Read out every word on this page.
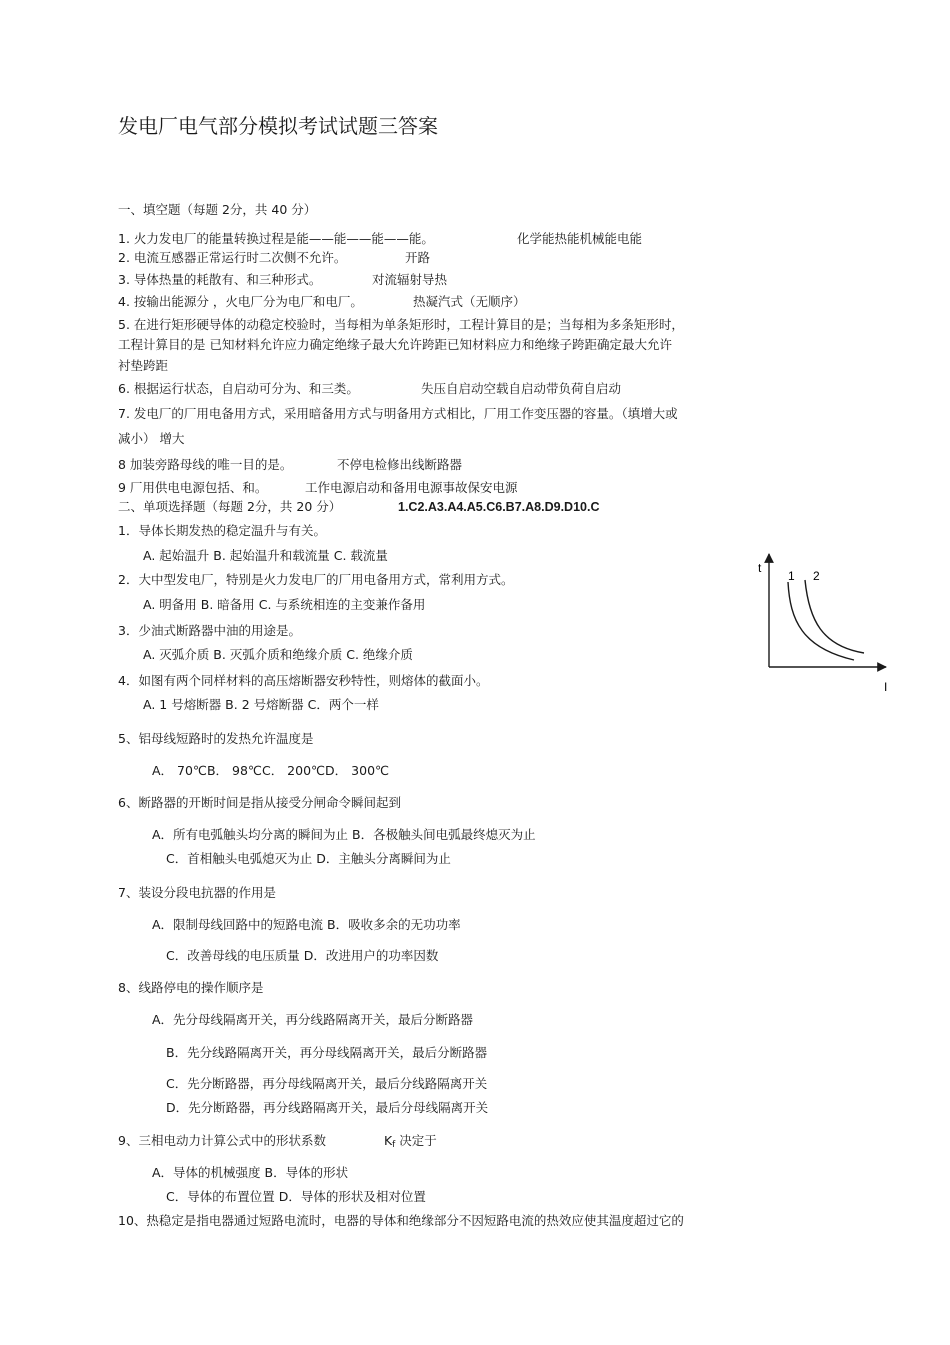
发电厂电气部分模拟考试试题三答案
一、填空题（每题 2分，共 40 分）
1. 火力发电厂的能量转换过程是能——能——能——能。	化学能热能机械能电能
2. 电流互感器正常运行时二次侧不允许。	开路
3. 导体热量的耗散有、和三种形式。	对流辐射导热
4. 按输出能源分 ，火电厂分为电厂和电厂。	热凝汽式（无顺序）
5. 在进行矩形硬导体的动稳定校验时，当每相为单条矩形时，工程计算目的是；当每相为多条矩形时，
工程计算目的是 已知材料允许应力确定绝缘子最大允许跨距已知材料应力和绝缘子跨距确定最大允许
衬垫跨距
6. 根据运行状态，自启动可分为、和三类。	失压自启动空载自启动带负荷自启动
7. 发电厂的厂用电备用方式，采用暗备用方式与明备用方式相比，厂用工作变压器的容量。（填增大或
减小） 增大
8 加装旁路母线的唯一目的是。	不停电检修出线断路器
9 厂用供电电源包括、和。	工作电源启动和备用电源事故保安电源
二、单项选择题（每题 2分，共 20 分）	1.C2.A3.A4.A5.C6.B7.A8.D9.D10.C
1．导体长期发热的稳定温升与有关。
A. 起始温升 B. 起始温升和载流量 C. 载流量
2．大中型发电厂，特别是火力发电厂的厂用电备用方式，常利用方式。
A. 明备用 B. 暗备用 C. 与系统相连的主变兼作备用
3．少油式断路器中油的用途是。
A. 灭弧介质 B. 灭弧介质和绝缘介质 C. 绝缘介质
4．如图有两个同样材料的高压熔断器安秒特性，则熔体的截面小。
A. 1 号熔断器 B. 2 号熔断器 C．两个一样
5、铝母线短路时的发热允许温度是
A． 70℃B． 98℃C． 200℃D． 300℃
6、断路器的开断时间是指从接受分闸命令瞬间起到
A．所有电弧触头均分离的瞬间为止 B．各极触头间电弧最终熄灭为止
C．首相触头电弧熄灭为止 D．主触头分离瞬间为止
7、装设分段电抗器的作用是
A．限制母线回路中的短路电流 B．吸收多余的无功功率
C．改善母线的电压质量 D．改进用户的功率因数
8、线路停电的操作顺序是
A．先分母线隔离开关，再分线路隔离开关，最后分断路器
B．先分线路隔离开关，再分母线隔离开关，最后分断路器
C．先分断路器，再分母线隔离开关，最后分线路隔离开关
D．先分断路器，再分线路隔离开关，最后分母线隔离开关
9、三相电动力计算公式中的形状系数	$K_f$ 决定于
A．导体的机械强度 B．导体的形状
C．导体的布置位置 D．导体的形状及相对位置
10、热稳定是指电器通过短路电流时，电器的导体和绝缘部分不因短路电流的热效应使其温度超过它的
t
1 2
I
